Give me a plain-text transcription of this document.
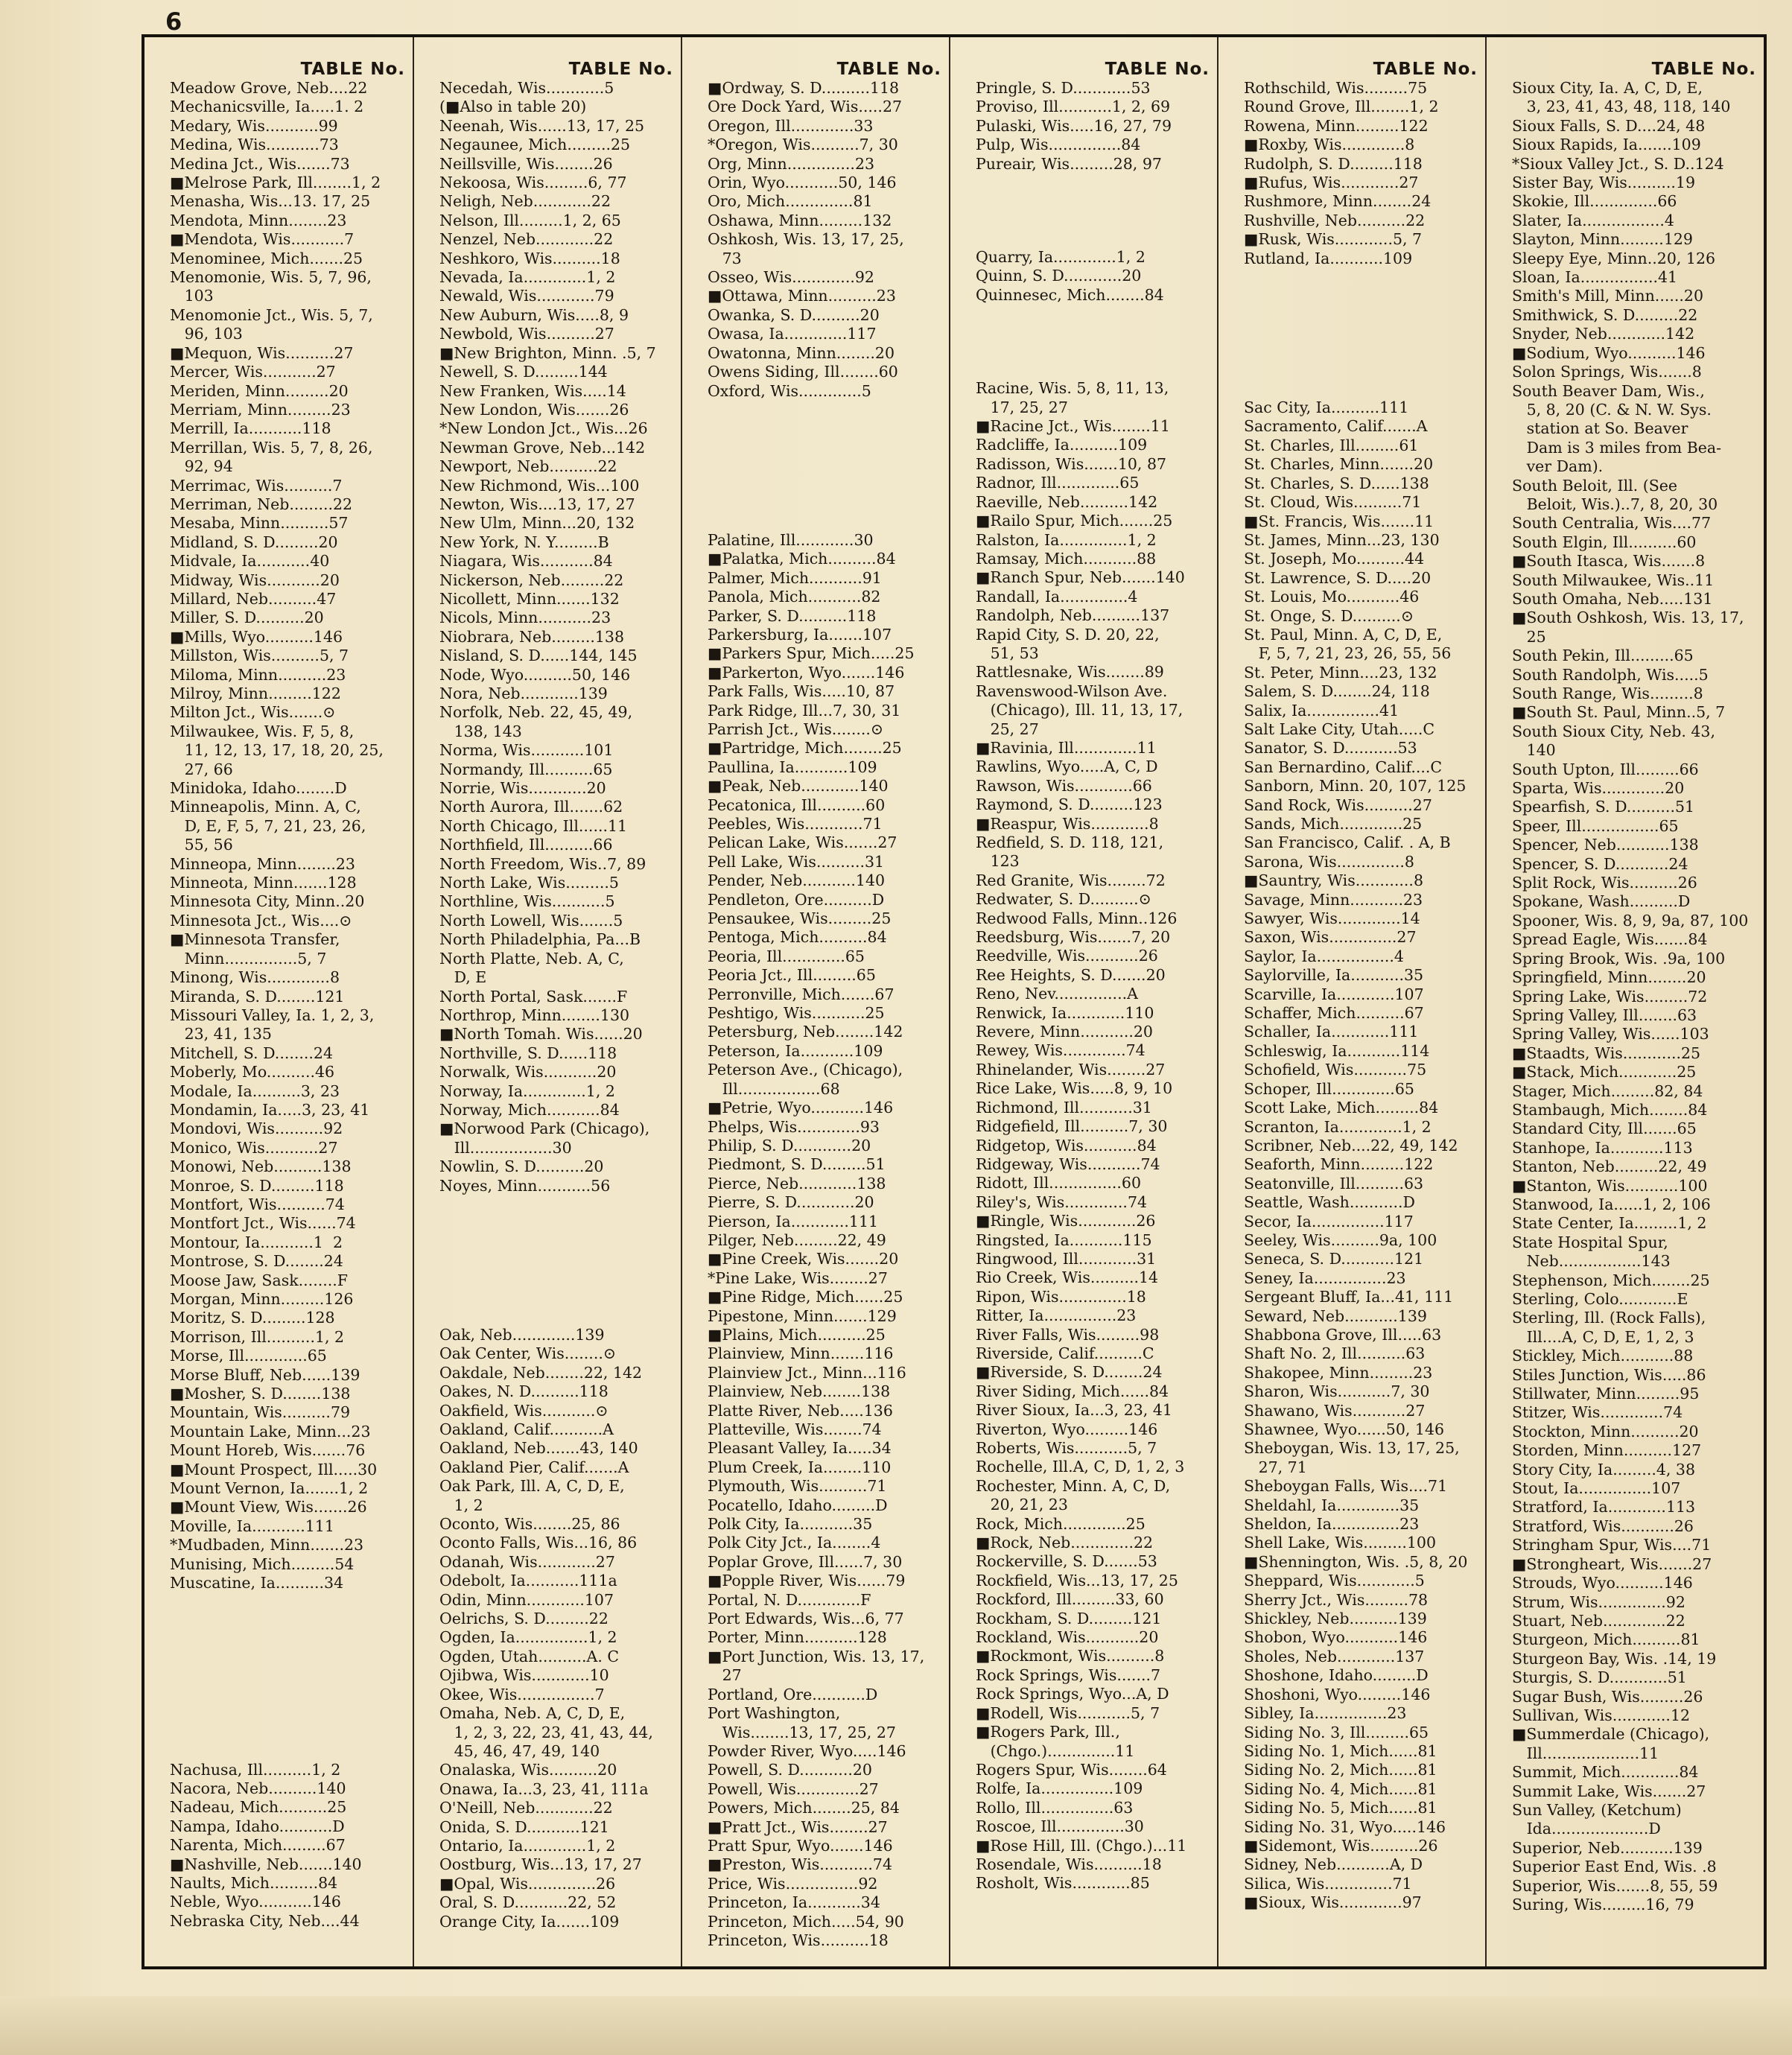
6
TABLE No.
Meadow Grove, Neb....22
Mechanicsville, Ia.....1. 2
Medary, Wis...........99
Medina, Wis...........73
Medina Jct., Wis.......73
■Melrose Park, Ill........1, 2
Menasha, Wis...13. 17, 25
Mendota, Minn........23
■Mendota, Wis...........7
Menominee, Mich.......25
Menomonie, Wis. 5, 7, 96,
103
Menomonie Jct., Wis. 5, 7,
96, 103
■Mequon, Wis..........27
Mercer, Wis...........27
Meriden, Minn.........20
Merriam, Minn.........23
Merrill, Ia...........118
Merrillan, Wis. 5, 7, 8, 26,
92, 94
Merrimac, Wis..........7
Merriman, Neb.........22
Mesaba, Minn..........57
Midland, S. D.........20
Midvale, Ia...........40
Midway, Wis...........20
Millard, Neb..........47
Miller, S. D..........20
■Mills, Wyo..........146
Millston, Wis..........5, 7
Miloma, Minn..........23
Milroy, Minn.........122
Milton Jct., Wis.......⊙
Milwaukee, Wis. F, 5, 8,
11, 12, 13, 17, 18, 20, 25,
27, 66
Minidoka, Idaho........D
Minneapolis, Minn. A, C,
D, E, F, 5, 7, 21, 23, 26,
55, 56
Minneopa, Minn........23
Minneota, Minn.......128
Minnesota City, Minn..20
Minnesota Jct., Wis....⊙
■Minnesota Transfer,
Minn...............5, 7
Minong, Wis.............8
Miranda, S. D........121
Missouri Valley, Ia. 1, 2, 3,
23, 41, 135
Mitchell, S. D........24
Moberly, Mo..........46
Modale, Ia..........3, 23
Mondamin, Ia.....3, 23, 41
Mondovi, Wis..........92
Monico, Wis...........27
Monowi, Neb..........138
Monroe, S. D.........118
Montfort, Wis..........74
Montfort Jct., Wis......74
Montour, Ia...........1  2
Montrose, S. D........24
Moose Jaw, Sask........F
Morgan, Minn.........126
Moritz, S. D.........128
Morrison, Ill..........1, 2
Morse, Ill.............65
Morse Bluff, Neb......139
■Mosher, S. D........138
Mountain, Wis..........79
Mountain Lake, Minn...23
Mount Horeb, Wis.......76
■Mount Prospect, Ill.....30
Mount Vernon, Ia.......1, 2
■Mount View, Wis.......26
Moville, Ia...........111
*Mudbaden, Minn.......23
Munising, Mich.........54
Muscatine, Ia..........34
Nachusa, Ill..........1, 2
Nacora, Neb..........140
Nadeau, Mich..........25
Nampa, Idaho...........D
Narenta, Mich.........67
■Nashville, Neb.......140
Naults, Mich..........84
Neble, Wyo...........146
Nebraska City, Neb....44
TABLE No.
Necedah, Wis............5
(■Also in table 20)
Neenah, Wis......13, 17, 25
Negaunee, Mich.........25
Neillsville, Wis........26
Nekoosa, Wis.........6, 77
Neligh, Neb............22
Nelson, Ill.........1, 2, 65
Nenzel, Neb............22
Neshkoro, Wis..........18
Nevada, Ia.............1, 2
Newald, Wis............79
New Auburn, Wis.....8, 9
Newbold, Wis..........27
■New Brighton, Minn. .5, 7
Newell, S. D.........144
New Franken, Wis.....14
New London, Wis.......26
*New London Jct., Wis...26
Newman Grove, Neb...142
Newport, Neb..........22
New Richmond, Wis...100
Newton, Wis....13, 17, 27
New Ulm, Minn...20, 132
New York, N. Y.........B
Niagara, Wis...........84
Nickerson, Neb.........22
Nicollett, Minn.......132
Nicols, Minn...........23
Niobrara, Neb.........138
Nisland, S. D......144, 145
Node, Wyo..........50, 146
Nora, Neb............139
Norfolk, Neb. 22, 45, 49,
138, 143
Norma, Wis...........101
Normandy, Ill..........65
Norrie, Wis............20
North Aurora, Ill.......62
North Chicago, Ill......11
Northfield, Ill..........66
North Freedom, Wis..7, 89
North Lake, Wis.........5
Northline, Wis...........5
North Lowell, Wis.......5
North Philadelphia, Pa...B
North Platte, Neb. A, C,
D, E
North Portal, Sask.......F
Northrop, Minn........130
■North Tomah. Wis......20
Northville, S. D......118
Norwalk, Wis...........20
Norway, Ia.............1, 2
Norway, Mich...........84
■Norwood Park (Chicago),
Ill.................30
Nowlin, S. D..........20
Noyes, Minn...........56
Oak, Neb.............139
Oak Center, Wis........⊙
Oakdale, Neb........22, 142
Oakes, N. D..........118
Oakfield, Wis...........⊙
Oakland, Calif...........A
Oakland, Neb.......43, 140
Oakland Pier, Calif.......A
Oak Park, Ill. A, C, D, E,
1, 2
Oconto, Wis........25, 86
Oconto Falls, Wis...16, 86
Odanah, Wis............27
Odebolt, Ia...........111a
Odin, Minn............107
Oelrichs, S. D.........22
Ogden, Ia...............1, 2
Ogden, Utah..........A. C
Ojibwa, Wis............10
Okee, Wis................7
Omaha, Neb. A, C, D, E,
1, 2, 3, 22, 23, 41, 43, 44,
45, 46, 47, 49, 140
Onalaska, Wis..........20
Onawa, Ia...3, 23, 41, 111a
O'Neill, Neb............22
Onida, S. D...........121
Ontario, Ia.............1, 2
Oostburg, Wis...13, 17, 27
■Opal, Wis..............26
Oral, S. D...........22, 52
Orange City, Ia.......109
TABLE No.
■Ordway, S. D..........118
Ore Dock Yard, Wis.....27
Oregon, Ill.............33
*Oregon, Wis..........7, 30
Org, Minn..............23
Orin, Wyo...........50, 146
Oro, Mich..............81
Oshawa, Minn.........132
Oshkosh, Wis. 13, 17, 25,
73
Osseo, Wis.............92
■Ottawa, Minn..........23
Owanka, S. D..........20
Owasa, Ia.............117
Owatonna, Minn........20
Owens Siding, Ill........60
Oxford, Wis.............5
Palatine, Ill............30
■Palatka, Mich..........84
Palmer, Mich...........91
Panola, Mich...........82
Parker, S. D..........118
Parkersburg, Ia.......107
■Parkers Spur, Mich.....25
■Parkerton, Wyo.......146
Park Falls, Wis.....10, 87
Park Ridge, Ill...7, 30, 31
Parrish Jct., Wis........⊙
■Partridge, Mich........25
Paullina, Ia...........109
■Peak, Neb............140
Pecatonica, Ill..........60
Peebles, Wis............71
Pelican Lake, Wis.......27
Pell Lake, Wis..........31
Pender, Neb...........140
Pendleton, Ore..........D
Pensaukee, Wis.........25
Pentoga, Mich..........84
Peoria, Ill.............65
Peoria Jct., Ill.........65
Perronville, Mich.......67
Peshtigo, Wis...........25
Petersburg, Neb........142
Peterson, Ia...........109
Peterson Ave., (Chicago),
Ill.................68
■Petrie, Wyo...........146
Phelps, Wis.............93
Philip, S. D............20
Piedmont, S. D.........51
Pierce, Neb............138
Pierre, S. D............20
Pierson, Ia............111
Pilger, Neb.........22, 49
■Pine Creek, Wis.......20
*Pine Lake, Wis........27
■Pine Ridge, Mich......25
Pipestone, Minn.......129
■Plains, Mich..........25
Plainview, Minn.......116
Plainview Jct., Minn...116
Plainview, Neb........138
Platte River, Neb.....136
Platteville, Wis........74
Pleasant Valley, Ia.....34
Plum Creek, Ia........110
Plymouth, Wis..........71
Pocatello, Idaho.........D
Polk City, Ia...........35
Polk City Jct., Ia........4
Poplar Grove, Ill......7, 30
■Popple River, Wis......79
Portal, N. D.............F
Port Edwards, Wis...6, 77
Porter, Minn...........128
■Port Junction, Wis. 13, 17,
27
Portland, Ore...........D
Port Washington,
Wis........13, 17, 25, 27
Powder River, Wyo.....146
Powell, S. D...........20
Powell, Wis.............27
Powers, Mich........25, 84
■Pratt Jct., Wis........27
Pratt Spur, Wyo.......146
■Preston, Wis...........74
Price, Wis...............92
Princeton, Ia...........34
Princeton, Mich.....54, 90
Princeton, Wis..........18
TABLE No.
Pringle, S. D............53
Proviso, Ill...........1, 2, 69
Pulaski, Wis.....16, 27, 79
Pulp, Wis...............84
Pureair, Wis.........28, 97
Quarry, Ia.............1, 2
Quinn, S. D............20
Quinnesec, Mich........84
Racine, Wis. 5, 8, 11, 13,
17, 25, 27
■Racine Jct., Wis........11
Radcliffe, Ia..........109
Radisson, Wis.......10, 87
Radnor, Ill.............65
Raeville, Neb..........142
■Railo Spur, Mich.......25
Ralston, Ia..............1, 2
Ramsay, Mich...........88
■Ranch Spur, Neb.......140
Randall, Ia..............4
Randolph, Neb..........137
Rapid City, S. D. 20, 22,
51, 53
Rattlesnake, Wis........89
Ravenswood-Wilson Ave.
(Chicago), Ill. 11, 13, 17,
25, 27
■Ravinia, Ill.............11
Rawlins, Wyo.....A, C, D
Rawson, Wis............66
Raymond, S. D.........123
■Reaspur, Wis............8
Redfield, S. D. 118, 121,
123
Red Granite, Wis........72
Redwater, S. D..........⊙
Redwood Falls, Minn..126
Reedsburg, Wis.......7, 20
Reedville, Wis...........26
Ree Heights, S. D.......20
Reno, Nev...............A
Renwick, Ia............110
Revere, Minn...........20
Rewey, Wis.............74
Rhinelander, Wis........27
Rice Lake, Wis.....8, 9, 10
Richmond, Ill...........31
Ridgefield, Ill..........7, 30
Ridgetop, Wis...........84
Ridgeway, Wis...........74
Ridott, Ill...............60
Riley's, Wis.............74
■Ringle, Wis............26
Ringsted, Ia...........115
Ringwood, Ill............31
Rio Creek, Wis..........14
Ripon, Wis..............18
Ritter, Ia...............23
River Falls, Wis.........98
Riverside, Calif..........C
■Riverside, S. D........24
River Siding, Mich......84
River Sioux, Ia...3, 23, 41
Riverton, Wyo.........146
Roberts, Wis...........5, 7
Rochelle, Ill.A, C, D, 1, 2, 3
Rochester, Minn. A, C, D,
20, 21, 23
Rock, Mich.............25
■Rock, Neb.............22
Rockerville, S. D.......53
Rockfield, Wis...13, 17, 25
Rockford, Ill.........33, 60
Rockham, S. D.........121
Rockland, Wis...........20
■Rockmont, Wis..........8
Rock Springs, Wis.......7
Rock Springs, Wyo...A, D
■Rodell, Wis...........5, 7
■Rogers Park, Ill.,
(Chgo.)..............11
Rogers Spur, Wis........64
Rolfe, Ia...............109
Rollo, Ill...............63
Roscoe, Ill..............30
■Rose Hill, Ill. (Chgo.)...11
Rosendale, Wis..........18
Rosholt, Wis............85
TABLE No.
Rothschild, Wis.........75
Round Grove, Ill........1, 2
Rowena, Minn.........122
■Roxby, Wis.............8
Rudolph, S. D.........118
■Rufus, Wis............27
Rushmore, Minn........24
Rushville, Neb..........22
■Rusk, Wis............5, 7
Rutland, Ia...........109
Sac City, Ia..........111
Sacramento, Calif.......A
St. Charles, Ill.........61
St. Charles, Minn.......20
St. Charles, S. D......138
St. Cloud, Wis..........71
■St. Francis, Wis.......11
St. James, Minn...23, 130
St. Joseph, Mo..........44
St. Lawrence, S. D.....20
St. Louis, Mo...........46
St. Onge, S. D..........⊙
St. Paul, Minn. A, C, D, E,
F, 5, 7, 21, 23, 26, 55, 56
St. Peter, Minn....23, 132
Salem, S. D........24, 118
Salix, Ia...............41
Salt Lake City, Utah.....C
Sanator, S. D...........53
San Bernardino, Calif....C
Sanborn, Minn. 20, 107, 125
Sand Rock, Wis..........27
Sands, Mich.............25
San Francisco, Calif. . A, B
Sarona, Wis..............8
■Sauntry, Wis............8
Savage, Minn...........23
Sawyer, Wis.............14
Saxon, Wis..............27
Saylor, Ia................4
Saylorville, Ia...........35
Scarville, Ia............107
Schaffer, Mich..........67
Schaller, Ia............111
Schleswig, Ia...........114
Schofield, Wis...........75
Schoper, Ill.............65
Scott Lake, Mich.........84
Scranton, Ia.............1, 2
Scribner, Neb....22, 49, 142
Seaforth, Minn.........122
Seatonville, Ill..........63
Seattle, Wash...........D
Secor, Ia...............117
Seeley, Wis..........9a, 100
Seneca, S. D...........121
Seney, Ia...............23
Sergeant Bluff, Ia...41, 111
Seward, Neb...........139
Shabbona Grove, Ill.....63
Shaft No. 2, Ill..........63
Shakopee, Minn.........23
Sharon, Wis...........7, 30
Shawano, Wis...........27
Shawnee, Wyo......50, 146
Sheboygan, Wis. 13, 17, 25,
27, 71
Sheboygan Falls, Wis....71
Sheldahl, Ia.............35
Sheldon, Ia..............23
Shell Lake, Wis.........100
■Shennington, Wis. .5, 8, 20
Sheppard, Wis............5
Sherry Jct., Wis.........78
Shickley, Neb..........139
Shobon, Wyo...........146
Sholes, Neb............137
Shoshone, Idaho.........D
Shoshoni, Wyo.........146
Sibley, Ia...............23
Siding No. 3, Ill.........65
Siding No. 1, Mich......81
Siding No. 2, Mich......81
Siding No. 4, Mich......81
Siding No. 5, Mich......81
Siding No. 31, Wyo.....146
■Sidemont, Wis..........26
Sidney, Neb...........A, D
Silica, Wis..............71
■Sioux, Wis.............97
TABLE No.
Sioux City, Ia. A, C, D, E,
3, 23, 41, 43, 48, 118, 140
Sioux Falls, S. D....24, 48
Sioux Rapids, Ia.......109
*Sioux Valley Jct., S. D..124
Sister Bay, Wis..........19
Skokie, Ill..............66
Slater, Ia.................4
Slayton, Minn.........129
Sleepy Eye, Minn..20, 126
Sloan, Ia................41
Smith's Mill, Minn......20
Smithwick, S. D.........22
Snyder, Neb............142
■Sodium, Wyo..........146
Solon Springs, Wis.......8
South Beaver Dam, Wis.,
5, 8, 20 (C. & N. W. Sys.
station at So. Beaver
Dam is 3 miles from Bea-
ver Dam).
South Beloit, Ill. (See
Beloit, Wis.)..7, 8, 20, 30
South Centralia, Wis....77
South Elgin, Ill..........60
■South Itasca, Wis.......8
South Milwaukee, Wis..11
South Omaha, Neb.....131
■South Oshkosh, Wis. 13, 17,
25
South Pekin, Ill.........65
South Randolph, Wis.....5
South Range, Wis.........8
■South St. Paul, Minn..5, 7
South Sioux City, Neb. 43,
140
South Upton, Ill.........66
Sparta, Wis.............20
Spearfish, S. D..........51
Speer, Ill................65
Spencer, Neb...........138
Spencer, S. D...........24
Split Rock, Wis..........26
Spokane, Wash..........D
Spooner, Wis. 8, 9, 9a, 87, 100
Spread Eagle, Wis.......84
Spring Brook, Wis. .9a, 100
Springfield, Minn........20
Spring Lake, Wis.........72
Spring Valley, Ill........63
Spring Valley, Wis......103
■Staadts, Wis............25
■Stack, Mich............25
Stager, Mich.........82, 84
Stambaugh, Mich........84
Standard City, Ill.......65
Stanhope, Ia...........113
Stanton, Neb.........22, 49
■Stanton, Wis...........100
Stanwood, Ia......1, 2, 106
State Center, Ia.........1, 2
State Hospital Spur,
Neb.................143
Stephenson, Mich........25
Sterling, Colo............E
Sterling, Ill. (Rock Falls),
Ill....A, C, D, E, 1, 2, 3
Stickley, Mich...........88
Stiles Junction, Wis.....86
Stillwater, Minn.........95
Stitzer, Wis.............74
Stockton, Minn..........20
Storden, Minn..........127
Story City, Ia.........4, 38
Stout, Ia...............107
Stratford, Ia............113
Stratford, Wis...........26
Stringham Spur, Wis....71
■Strongheart, Wis.......27
Strouds, Wyo..........146
Strum, Wis..............92
Stuart, Neb.............22
Sturgeon, Mich..........81
Sturgeon Bay, Wis. .14, 19
Sturgis, S. D............51
Sugar Bush, Wis.........26
Sullivan, Wis............12
■Summerdale (Chicago),
Ill....................11
Summit, Mich............84
Summit Lake, Wis.......27
Sun Valley, (Ketchum)
Ida....................D
Superior, Neb...........139
Superior East End, Wis. .8
Superior, Wis.......8, 55, 59
Suring, Wis.........16, 79
